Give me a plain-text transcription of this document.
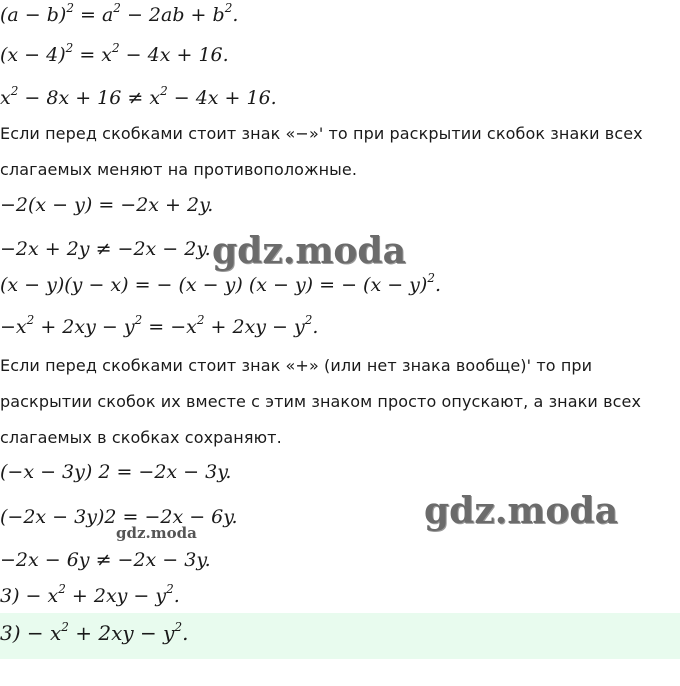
$(a - b)^2 = a^2 - 2ab + b^2$.
$(x - 4)^2 = x^2 - 4x + 16$.
$x^2 - 8x + 16 \ne x^2 - 4x + 16$.
Если перед скобками стоит знак «−»' то при раскрытии скобок знаки всех
слагаемых меняют на противоположные.
−2(x − y) = −2x + 2y.
−2x + 2y ≠ −2x − 2y.
(x − y)(y − x) = − (x − y) (x − y) = − $(x - y)^2$.
$-x^2 + 2xy - y^2 = -x^2 + 2xy - y^2$.
Если перед скобками стоит знак «+» (или нет знака вообще)' то при
раскрытии скобок их вместе с этим знаком просто опускают, а знаки всех
слагаемых в скобках сохраняют.
(−x − 3y) 2 = −2x − 3y.
(−2x − 3y)2 = −2x − 6y.
−2x − 6y ≠ −2x − 3y.
$3) - x^2 + 2xy - y^2$.
$3) - x^2 + 2xy - y^2$.
gdz.moda
gdz.moda
gdz.moda
